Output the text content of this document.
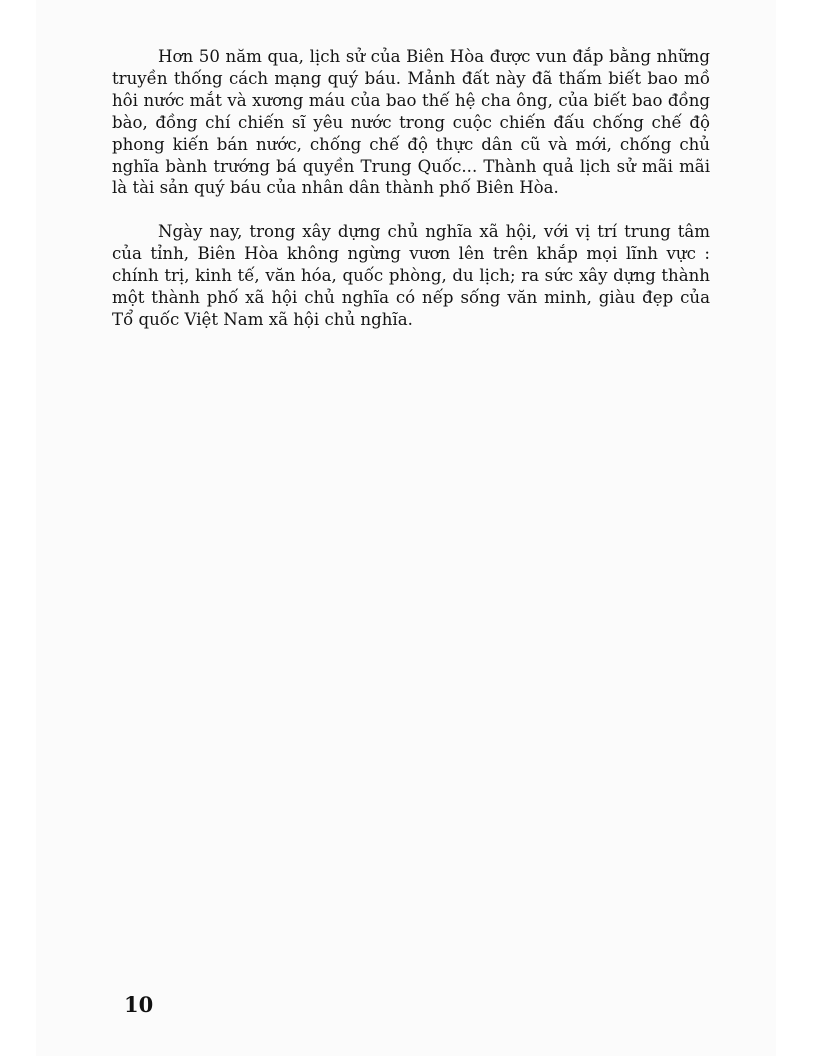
Hơn 50 năm qua, lịch sử của Biên Hòa được vun đắp bằng những truyền thống cách mạng quý báu. Mảnh đất này đã thấm biết bao mồ hôi nước mắt và xương máu của bao thế hệ cha ông, của biết bao đồng bào, đồng chí chiến sĩ yêu nước trong cuộc chiến đấu chống chế độ phong kiến bán nước, chống chế độ thực dân cũ và mới, chống chủ nghĩa bành trướng bá quyền Trung Quốc... Thành quả lịch sử mãi mãi là tài sản quý báu của nhân dân thành phố Biên Hòa.

Ngày nay, trong xây dựng chủ nghĩa xã hội, với vị trí trung tâm của tỉnh, Biên Hòa không ngừng vươn lên trên khắp mọi lĩnh vực : chính trị, kinh tế, văn hóa, quốc phòng, du lịch; ra sức xây dựng thành một thành phố xã hội chủ nghĩa có nếp sống văn minh, giàu đẹp của Tổ quốc Việt Nam xã hội chủ nghĩa.

10
